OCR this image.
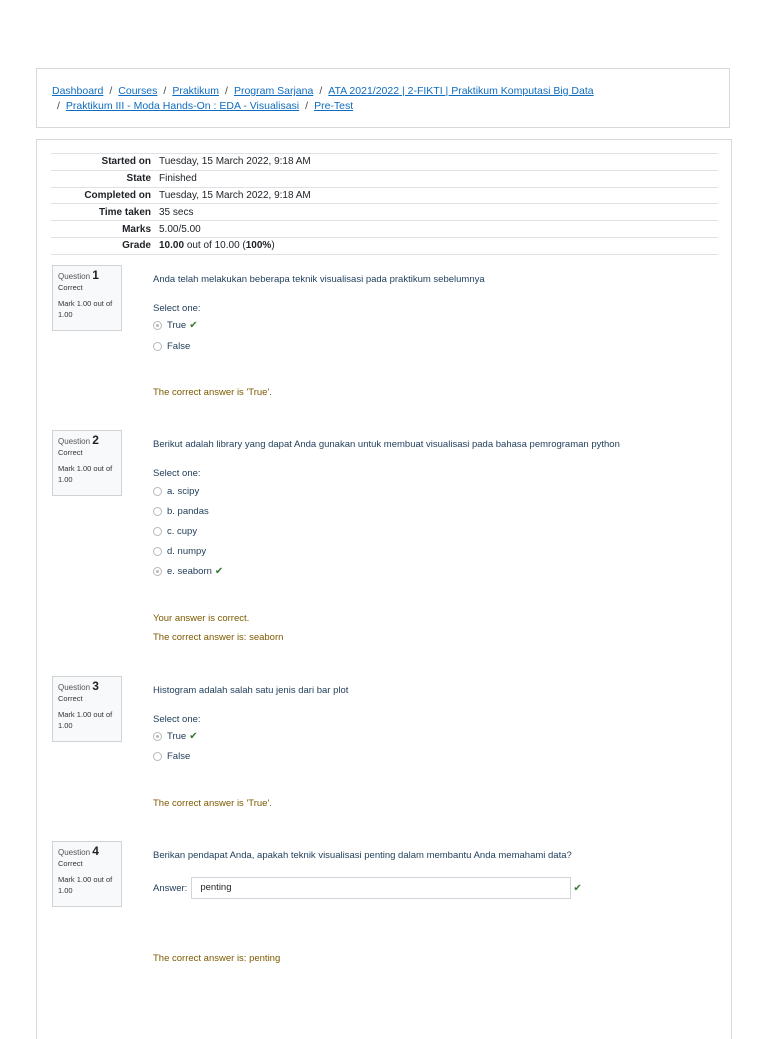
Dashboard / Courses / Praktikum / Program Sarjana / ATA 2021/2022 | 2-FIKTI | Praktikum Komputasi Big Data
/ Praktikum III - Moda Hands-On : EDA - Visualisasi / Pre-Test
Started on	Tuesday, 15 March 2022, 9:18 AM
State	Finished
Completed on	Tuesday, 15 March 2022, 9:18 AM
Time taken	35 secs
Marks	5.00/5.00
Grade	10.00 out of 10.00 (100%)
Question 1
Correct
Mark 1.00 out of 1.00
Anda telah melakukan beberapa teknik visualisasi pada praktikum sebelumnya
Select one:
True ✔
False
The correct answer is 'True'.
Question 2
Correct
Mark 1.00 out of 1.00
Berikut adalah library yang dapat Anda gunakan untuk membuat visualisasi pada bahasa pemrograman python
Select one:
a. scipy
b. pandas
c. cupy
d. numpy
e. seaborn ✔
Your answer is correct.
The correct answer is: seaborn
Question 3
Correct
Mark 1.00 out of 1.00
Histogram adalah salah satu jenis dari bar plot
Select one:
True ✔
False
The correct answer is 'True'.
Question 4
Correct
Mark 1.00 out of 1.00
Berikan pendapat Anda, apakah teknik visualisasi penting dalam membantu Anda memahami data?
Answer:	penting	✔
The correct answer is: penting
